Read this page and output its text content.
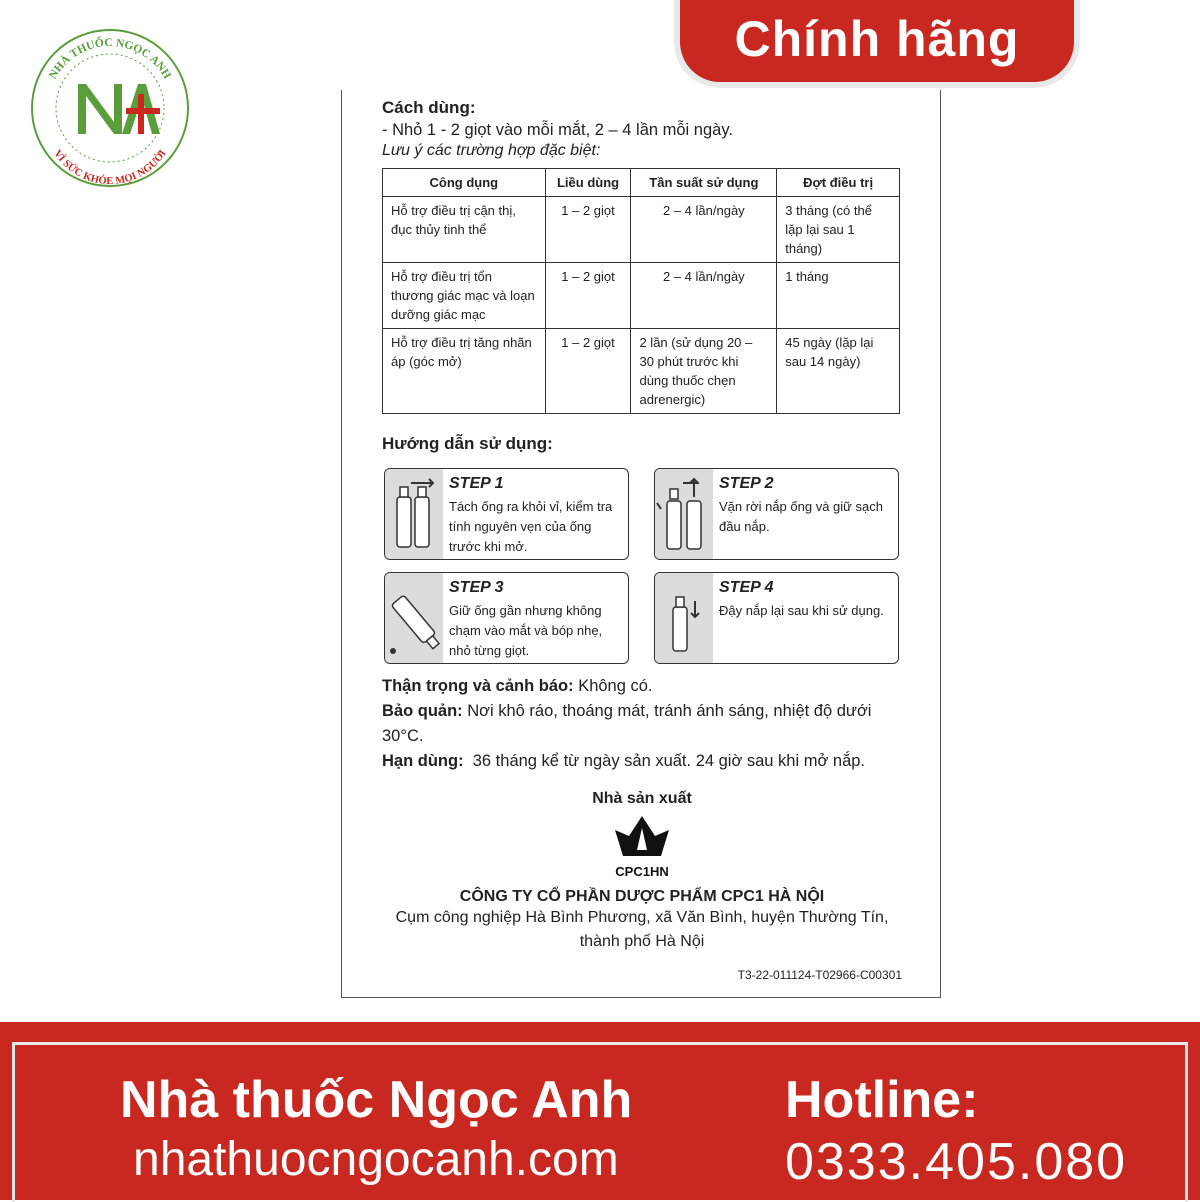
NHÀ THUỐC NGỌC ANH
VÌ SỨC KHỎE MỌI NGƯỜI
Chính hãng
Cách dùng:
- Nhỏ 1 - 2 giọt vào mỗi mắt, 2 – 4 lần mỗi ngày.
Lưu ý các trường hợp đặc biệt:
Công dụng	Liều dùng	Tần suất sử dụng	Đợt điều trị
Hỗ trợ điều trị cận thị, đục thủy tinh thể	1 – 2 giọt	2 – 4 lần/ngày	3 tháng (có thể lặp lại sau 1 tháng)
Hỗ trợ điều trị tổn thương giác mạc và loạn dưỡng giác mạc	1 – 2 giọt	2 – 4 lần/ngày	1 tháng
Hỗ trợ điều trị tăng nhãn áp (góc mở)	1 – 2 giọt	2 lần (sử dụng 20 – 30 phút trước khi dùng thuốc chẹn adrenergic)	45 ngày (lặp lại sau 14 ngày)
Hướng dẫn sử dụng:
STEP 1
Tách ống ra khỏi vỉ, kiểm tra tính nguyên vẹn của ống trước khi mở.
STEP 2
Vặn rời nắp ống và giữ sạch đầu nắp.
STEP 3
Giữ ống gần nhưng không chạm vào mắt và bóp nhẹ, nhỏ từng giọt.
STEP 4
Đậy nắp lại sau khi sử dụng.
Thận trọng và cảnh báo: Không có.
Bảo quản: Nơi khô ráo, thoáng mát, tránh ánh sáng, nhiệt độ dưới 30°C.
Hạn dùng:  36 tháng kể từ ngày sản xuất. 24 giờ sau khi mở nắp.
Nhà sản xuất
CPC1HN
CÔNG TY CỔ PHẦN DƯỢC PHẨM CPC1 HÀ NỘI
Cụm công nghiệp Hà Bình Phương, xã Văn Bình, huyện Thường Tín, thành phố Hà Nội
T3-22-011124-T02966-C00301
Nhà thuốc Ngọc Anh
nhathuocngocanh.com
Hotline:
0333.405.080
